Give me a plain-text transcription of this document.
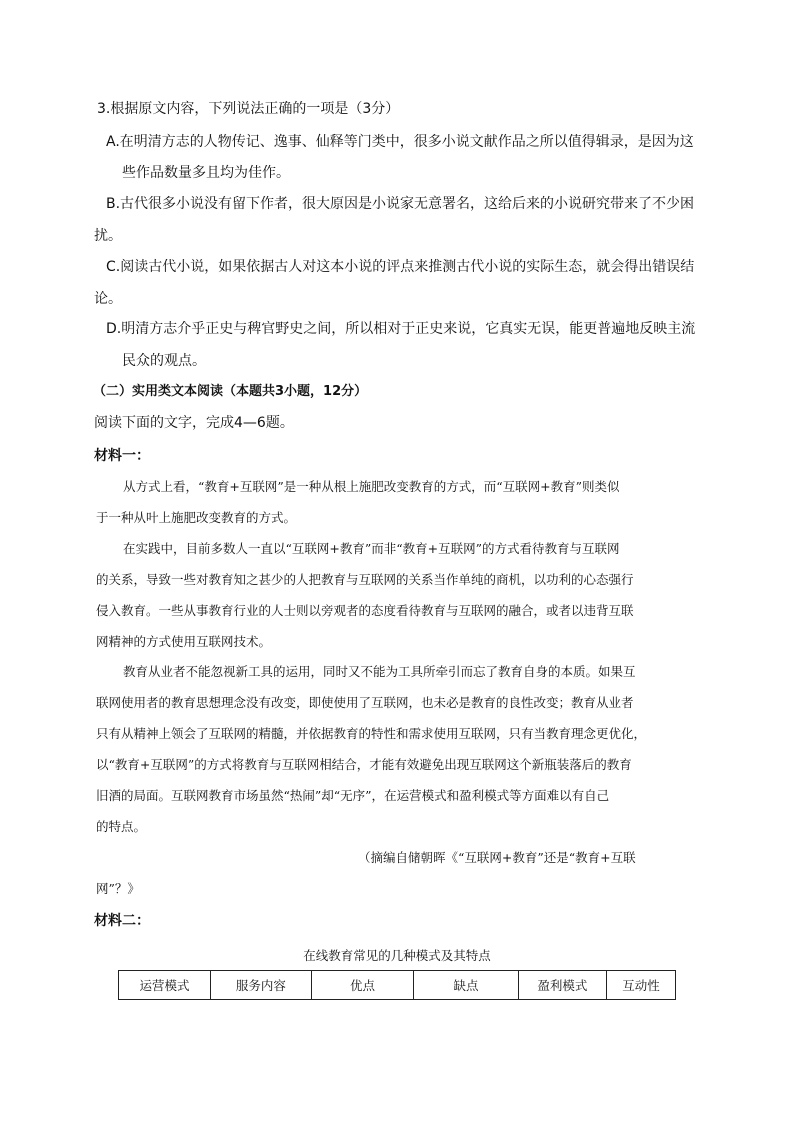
3.根据原文内容，下列说法正确的一项是（3分）
A.在明清方志的人物传记、逸事、仙释等门类中，很多小说文献作品之所以值得辑录，是因为这
些作品数量多且均为佳作。
B.古代很多小说没有留下作者，很大原因是小说家无意署名，这给后来的小说研究带来了不少困
扰。
C.阅读古代小说，如果依据古人对这本小说的评点来推测古代小说的实际生态，就会得出错误结
论。
D.明清方志介乎正史与稗官野史之间，所以相对于正史来说，它真实无误，能更普遍地反映主流
民众的观点。
（二）实用类文本阅读（本题共3小题，12分）
阅读下面的文字，完成4—6题。
材料一：
从方式上看，“教育+互联网”是一种从根上施肥改变教育的方式，而“互联网+教育”则类似
于一种从叶上施肥改变教育的方式。
在实践中，目前多数人一直以“互联网+教育”而非“教育+互联网”的方式看待教育与互联网
的关系，导致一些对教育知之甚少的人把教育与互联网的关系当作单纯的商机，以功利的心态强行
侵入教育。一些从事教育行业的人士则以旁观者的态度看待教育与互联网的融合，或者以违背互联
网精神的方式使用互联网技术。
教育从业者不能忽视新工具的运用，同时又不能为工具所牵引而忘了教育自身的本质。如果互
联网使用者的教育思想理念没有改变，即使使用了互联网，也未必是教育的良性改变；教育从业者
只有从精神上领会了互联网的精髓，并依据教育的特性和需求使用互联网，只有当教育理念更优化，
以“教育+互联网”的方式将教育与互联网相结合，才能有效避免出现互联网这个新瓶装落后的教育
旧酒的局面。互联网教育市场虽然“热闹”却“无序”，在运营模式和盈利模式等方面难以有自己
的特点。
（摘编自储朝晖《“互联网+教育”还是“教育+互联
网”？》
材料二：
在线教育常见的几种模式及其特点
运营模式	服务内容	优点	缺点	盈利模式	互动性
